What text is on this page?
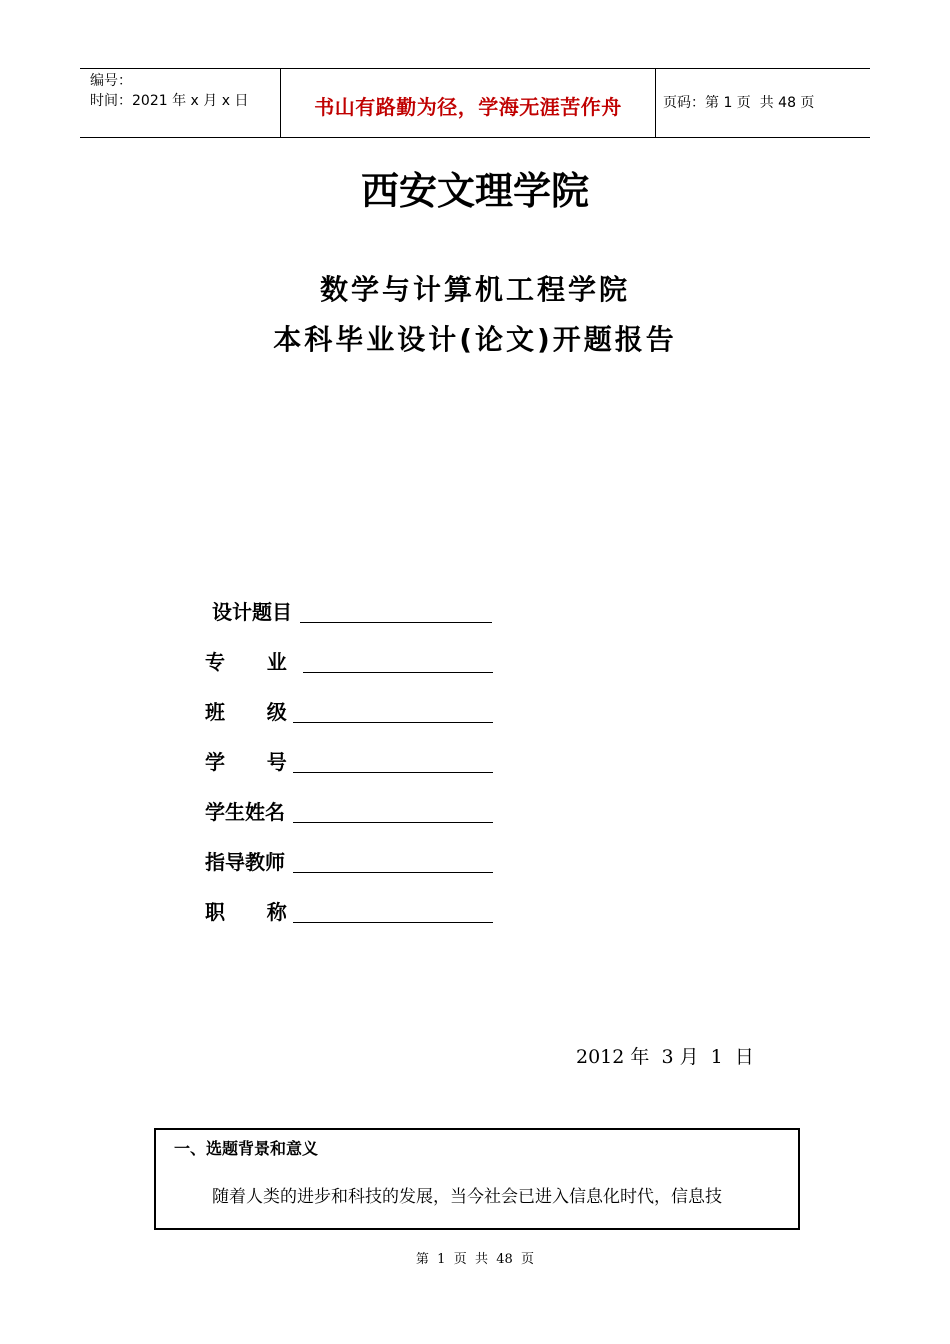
编号：
时间：2021 年 x 月 x 日	书山有路勤为径，学海无涯苦作舟	页码：第 1 页  共 48 页
西安文理学院
数学与计算机工程学院
本科毕业设计(论文)开题报告
设计题目
专      业
班      级
学      号
学生姓名
指导教师
职      称
2012 年  3 月  1  日
一、选题背景和意义
随着人类的进步和科技的发展，当今社会已进入信息化时代，信息技
第  1  页  共  48  页
